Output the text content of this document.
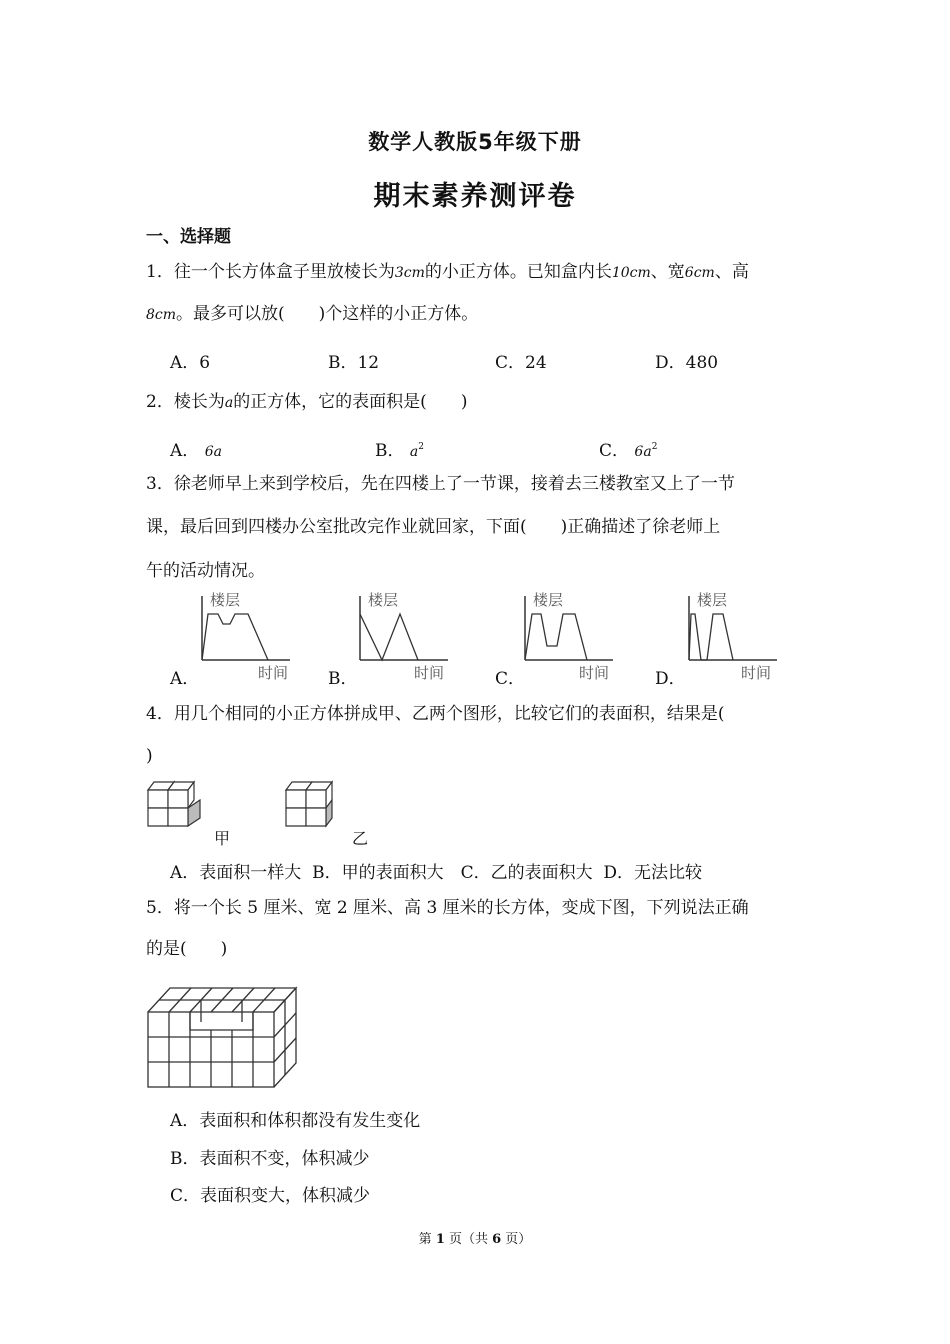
数学人教版5年级下册
期末素养测评卷
一、选择题
1．往一个长方体盒子里放棱长为3cm的小正方体。已知盒内长10cm、宽6cm、高
8cm。最多可以放(　　)个这样的小正方体。
A．6	B．12	C．24	D．480
2．棱长为a的正方体，它的表面积是(　　)
A． 6a	B． $a^2$	C． $6a^2$
3．徐老师早上来到学校后，先在四楼上了一节课，接着去三楼教室又上了一节
课，最后回到四楼办公室批改完作业就回家，下面(　　)正确描述了徐老师上
午的活动情况。
A．	B．	C．	D．
楼层
时间
楼层
时间
楼层
时间
楼层
时间
4．用几个相同的小正方体拼成甲、乙两个图形，比较它们的表面积，结果是(
)
甲	乙
A．表面积一样大  B．甲的表面积大　C．乙的表面积大  D．无法比较
5．将一个长 5 厘米、宽 2 厘米、高 3 厘米的长方体，变成下图，下列说法正确
的是(　　)
A．表面积和体积都没有发生变化
B．表面积不变，体积减少
C．表面积变大，体积减少
第 1 页（共 6 页）
